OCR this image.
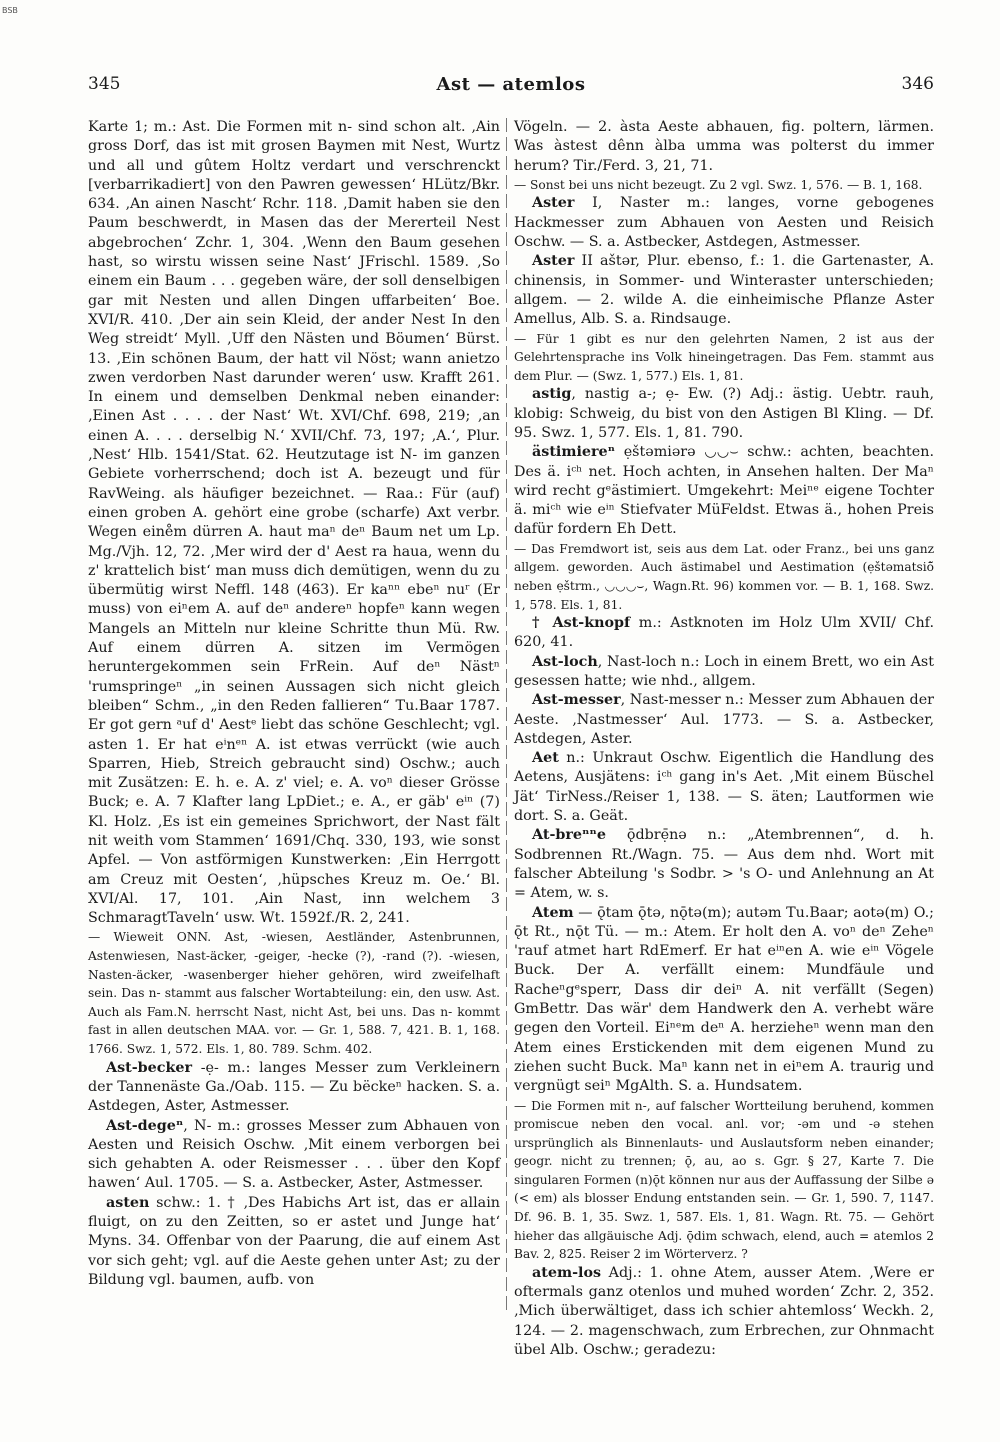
BSB
345	Ast — atemlos	346

Karte 1; m.: Ast. Die Formen mit n- sind schon alt. ‚Ain gross Dorf, das ist mit grosen Baymen mit Nest, Wurtz und all und gûtem Holtz verdart und verschrenckt [verbarrikadiert] von den Pawren gewessen‘ HLütz/Bkr. 634. ‚An ainen Nascht‘ Rchr. 118. ‚Damit haben sie den Paum beschwerdt, in Masen das der Mererteil Nest abgebrochen‘ Zchr. 1, 304. ‚Wenn den Baum gesehen hast, so wirstu wissen seine Nast‘ JFrischl. 1589. ‚So einem ein Baum . . . gegeben wäre, der soll denselbigen gar mit Nesten und allen Dingen uffarbeiten‘ Boe. XVI/R. 410. ‚Der ain sein Kleid, der ander Nest In den Weg streidt‘ Myll. ‚Uff den Nästen und Böumen‘ Bürst. 13. ‚Ein schönen Baum, der hatt vil Nöst; wann anietzo zwen verdorben Nast darunder weren‘ usw. Krafft 261. In einem und demselben Denkmal neben einander: ‚Einen Ast . . . . der Nast‘ Wt. XVI/Chf. 698, 219; ‚an einen A. . . . derselbig N.‘ XVII/Chf. 73, 197; ‚A.‘, Plur. ‚Nest‘ Hlb. 1541/Stat. 62. Heutzutage ist N- im ganzen Gebiete vorherrschend; doch ist A. bezeugt und für RavWeing. als häufiger bezeichnet. — Raa.: Für (auf) einen groben A. gehört eine grobe (scharfe) Axt verbr. Wegen eine̊m dürren A. haut maⁿ deⁿ Baum net um Lp. Mg./Vjh. 12, 72. ‚Mer wird der d' Aest ra haua, wenn du z' krattelich bist‘ man muss dich demütigen, wenn du zu übermütig wirst Neffl. 148 (463). Er kaⁿⁿ ebeⁿ nuʳ (Er muss) von eiⁿem A. auf deⁿ andereⁿ hopfeⁿ kann wegen Mangels an Mitteln nur kleine Schritte thun Mü. Rw. Auf einem dürren A. sitzen im Vermögen heruntergekommen sein FrRein. Auf deⁿ Nästⁿ 'rumspringeⁿ „in seinen Aussagen sich nicht gleich bleiben“ Schm., „in den Reden fallieren“ Tu.Baar 1787. Er got gern ᵃuf d' Aestᵉ liebt das schöne Geschlecht; vgl. asten 1. Er hat eⁱnᵉⁿ A. ist etwas verrückt (wie auch Sparren, Hieb, Streich gebraucht sind) Oschw.; auch mit Zusätzen: E. h. e. A. z' viel; e. A. voⁿ dieser Grösse Buck; e. A. 7 Klafter lang LpDiet.; e. A., er gäb' eⁱⁿ (7) Kl. Holz. ‚Es ist ein gemeines Sprichwort, der Nast fält nit weith vom Stammen‘ 1691/Chq. 330, 193, wie sonst Apfel. — Von astförmigen Kunstwerken: ‚Ein Herrgott am Creuz mit Oesten‘, ‚hüpsches Kreuz m. Oe.‘ Bl. XVI/Al. 17, 101. ‚Ain Nast, inn welchem 3 SchmaragtTaveln‘ usw. Wt. 1592f./R. 2, 241.

— Wieweit ONN. Ast, -wiesen, Aestländer, Astenbrunnen, Astenwiesen, Nast-äcker, -geiger, -hecke (?), -rand (?). -wiesen, Nasten-äcker, -wasenberger hieher gehören, wird zweifelhaft sein. Das n- stammt aus falscher Wortabteilung: ein, den usw. Ast. Auch als Fam.N. herrscht Nast, nicht Ast, bei uns. Das n- kommt fast in allen deutschen MAA. vor. — Gr. 1, 588. 7, 421. B. 1, 168. 1766. Swz. 1, 572. Els. 1, 80. 789. Schm. 402.

Ast-becker -ẹ- m.: langes Messer zum Verkleinern der Tannenäste Ga./Oab. 115. — Zu bëckeⁿ hacken. S. a. Astdegen, Aster, Astmesser.

Ast-degeⁿ, N- m.: grosses Messer zum Abhauen von Aesten und Reisich Oschw. ‚Mit einem verborgen bei sich gehabten A. oder Reismesser . . . über den Kopf hawen‘ Aul. 1705. — S. a. Astbecker, Aster, Astmesser.

asten schw.: 1. † ‚Des Habichs Art ist, das er allain fluigt, on zu den Zeitten, so er astet und Junge hat‘ Myns. 34. Offenbar von der Paarung, die auf einem Ast vor sich geht; vgl. auf die Aeste gehen unter Ast; zu der Bildung vgl. baumen, aufb. von

Vögeln. — 2. àsta Aeste abhauen, fig. poltern, lärmen. Was àstest dênn àlba umma was polterst du immer herum? Tir./Ferd. 3, 21, 71.

— Sonst bei uns nicht bezeugt. Zu 2 vgl. Swz. 1, 576. — B. 1, 168.

Aster I, Naster m.: langes, vorne gebogenes Hackmesser zum Abhauen von Aesten und Reisich Oschw. — S. a. Astbecker, Astdegen, Astmesser.

Aster II aštər, Plur. ebenso, f.: 1. die Gartenaster, A. chinensis, in Sommer- und Winteraster unterschieden; allgem. — 2. wilde A. die einheimische Pflanze Aster Amellus, Alb. S. a. Rindsauge.

— Für 1 gibt es nur den gelehrten Namen, 2 ist aus der Gelehrtensprache ins Volk hineingetragen. Das Fem. stammt aus dem Plur. — (Swz. 1, 577.) Els. 1, 81.

astig, nastig a-; ẹ- Ew. (?) Adj.: ästig. Uebtr. rauh, klobig: Schweig, du bist von den Astigen Bl Kling. — Df. 95. Swz. 1, 577. Els. 1, 81. 790.

ästimiereⁿ ẹštəmiərə ◡◡⌣ schw.: achten, beachten. Des ä. iᶜʰ net. Hoch achten, in Ansehen halten. Der Maⁿ wird recht gᵉästimiert. Umgekehrt: Meiⁿᵉ eigene Tochter ä. miᶜʰ wie eⁱⁿ Stiefvater MüFeldst. Etwas ä., hohen Preis dafür fordern Eh Dett.

— Das Fremdwort ist, seis aus dem Lat. oder Franz., bei uns ganz allgem. geworden. Auch ästimabel und Aestimation (ẹštəmatsiō̃ neben ẹštrm., ◡◡◡⌣, Wagn.Rt. 96) kommen vor. — B. 1, 168. Swz. 1, 578. Els. 1, 81.

† Ast-knopf m.: Astknoten im Holz Ulm XVII/ Chf. 620, 41.

Ast-loch, Nast-loch n.: Loch in einem Brett, wo ein Ast gesessen hatte; wie nhd., allgem.

Ast-messer, Nast-messer n.: Messer zum Abhauen der Aeste. ‚Nastmesser‘ Aul. 1773. — S. a. Astbecker, Astdegen, Aster.

Aet n.: Unkraut Oschw. Eigentlich die Handlung des Aetens, Ausjätens: iᶜʰ gang in's Aet. ‚Mit einem Büschel Jät‘ TirNess./Reiser 1, 138. — S. äten; Lautformen wie dort. S. a. Geät.

At-breⁿⁿe ǭdbrẹ̄nə n.: „Atembrennen“, d. h. Sodbrennen Rt./Wagn. 75. — Aus dem nhd. Wort mit falscher Abteilung 's Sodbr. > 's O- und Anlehnung an At = Atem, w. s.

Atem — ǭtam ǭtə, nǭtə(m); autəm Tu.Baar; aotə(m) O.; ǭt Rt., nǭt Tü. — m.: Atem. Er holt den A. voⁿ deⁿ Zeheⁿ 'rauf atmet hart RdEmerf. Er hat eⁱⁿen A. wie eⁱⁿ Vögele Buck. Der A. verfällt einem: Mundfäule und Racheⁿgᵉsperr, Dass dir deiⁿ A. nit verfällt (Segen) GmBettr. Das wär' dem Handwerk den A. verhebt wäre gegen den Vorteil. Eiⁿᵉm deⁿ A. herzieheⁿ wenn man den Atem eines Erstickenden mit dem eigenen Mund zu ziehen sucht Buck. Maⁿ kann net in eiⁿem A. traurig und vergnügt seiⁿ MgAlth. S. a. Hundsatem.

— Die Formen mit n-, auf falscher Wortteilung beruhend, kommen promiscue neben den vocal. anl. vor; -əm und -ə stehen ursprünglich als Binnenlauts- und Auslautsform neben einander; geogr. nicht zu trennen; ǭ, au, ao s. Ggr. § 27, Karte 7. Die singularen Formen (n)ǭt können nur aus der Auffassung der Silbe ə (< em) als blosser Endung entstanden sein. — Gr. 1, 590. 7, 1147. Df. 96. B. 1, 35. Swz. 1, 587. Els. 1, 81. Wagn. Rt. 75. — Gehört hieher das allgäuische Adj. ǭdim schwach, elend, auch = atemlos 2 Bav. 2, 825. Reiser 2 im Wörterverz. ?

atem-los Adj.: 1. ohne Atem, ausser Atem. ‚Were er oftermals ganz otenlos und muhed worden‘ Zchr. 2, 352. ‚Mich überwältiget, dass ich schier ahtemloss‘ Weckh. 2, 124. — 2. magenschwach, zum Erbrechen, zur Ohnmacht übel Alb. Oschw.; geradezu:
